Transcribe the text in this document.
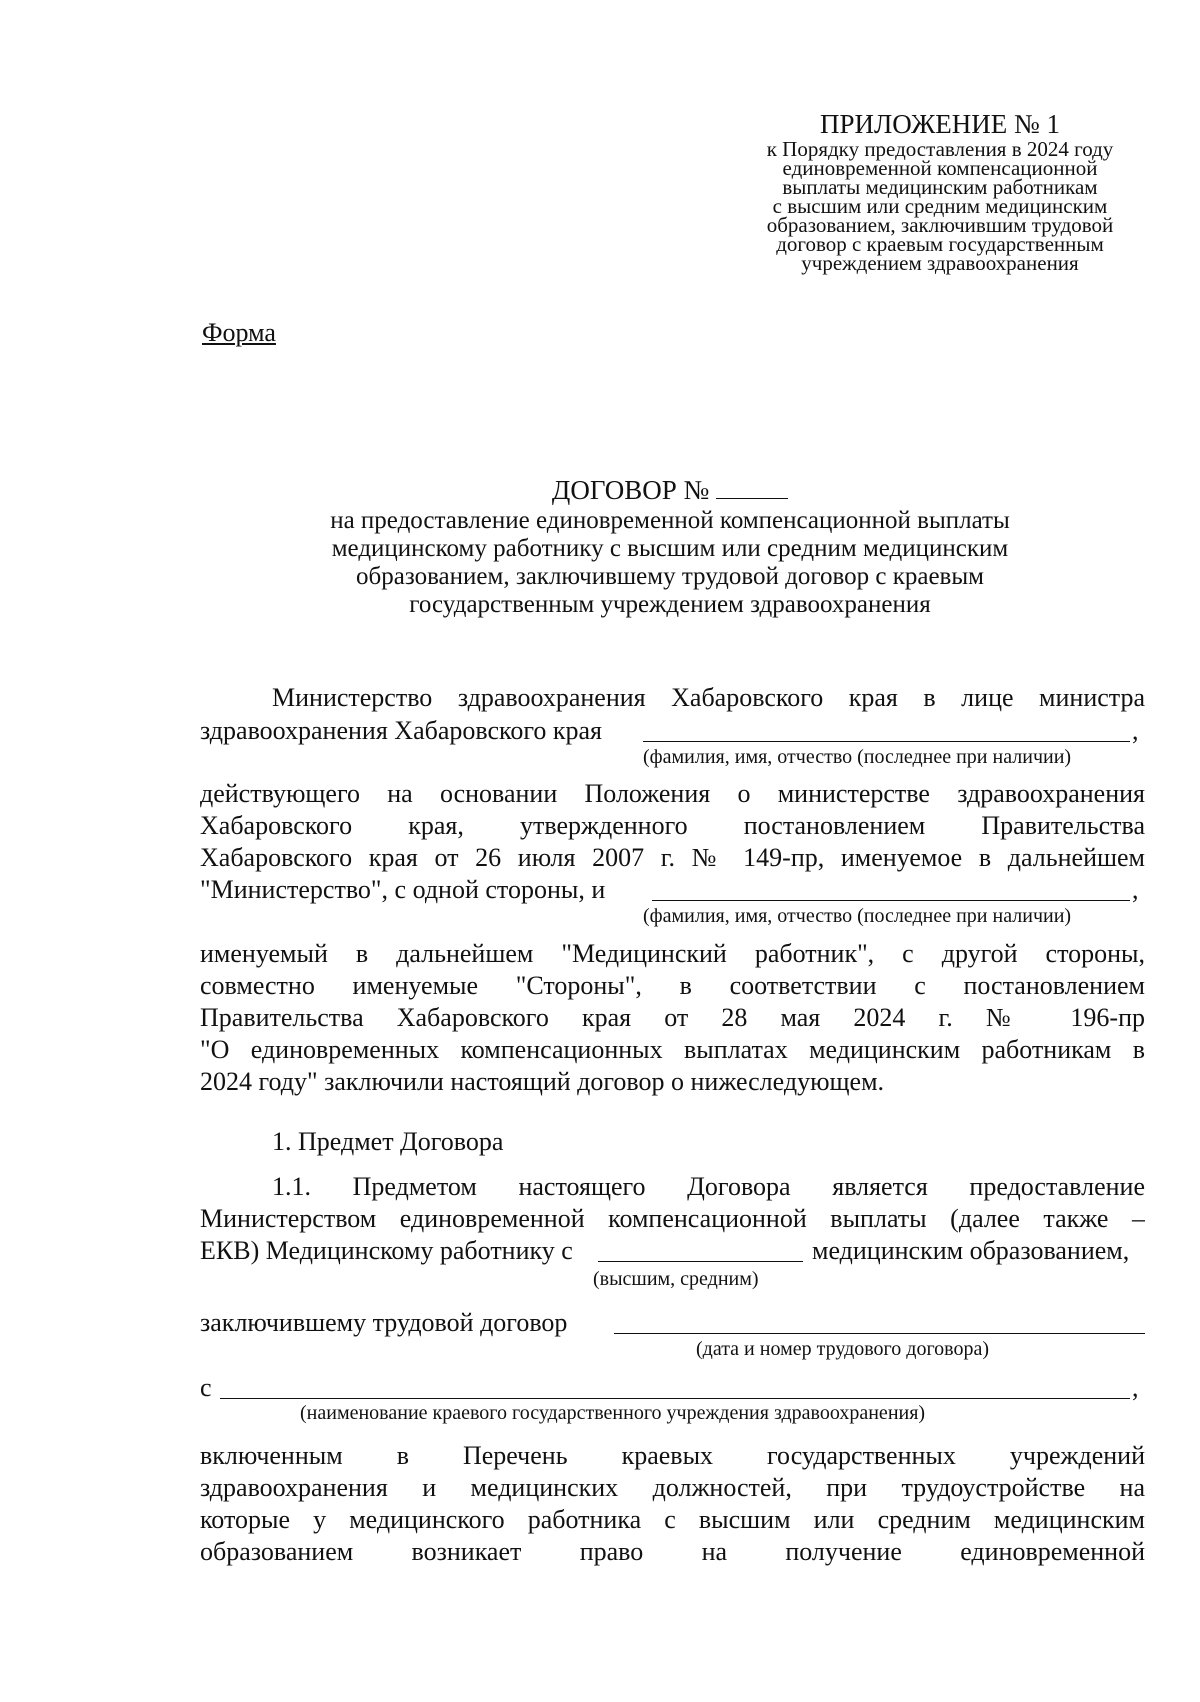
ПРИЛОЖЕНИЕ № 1
к Порядку предоставления в 2024 году
единовременной компенсационной
выплаты медицинским работникам
с высшим или средним медицинским
образованием, заключившим трудовой
договор с краевым государственным
учреждением здравоохранения
Форма
ДОГОВОР №
на предоставление единовременной компенсационной выплаты
медицинскому работнику с высшим или средним медицинским
образованием, заключившему трудовой договор с краевым
государственным учреждением здравоохранения
Министерство здравоохранения Хабаровского края в лице министра
здравоохранения Хабаровского края	,
(фамилия, имя, отчество (последнее при наличии)
действующего на основании Положения о министерстве здравоохранения
Хабаровского края, утвержденного постановлением Правительства
Хабаровского края от 26 июля 2007 г. № 149-пр, именуемое в дальнейшем
"Министерство", с одной стороны, и	,
(фамилия, имя, отчество (последнее при наличии)
именуемый в дальнейшем "Медицинский работник", с другой стороны,
совместно именуемые "Стороны", в соответствии с постановлением
Правительства Хабаровского края от 28 мая 2024 г. № 196-пр
"О единовременных компенсационных выплатах медицинским работникам в
2024 году" заключили настоящий договор о нижеследующем.
1. Предмет Договора
1.1. Предметом настоящего Договора является предоставление
Министерством единовременной компенсационной выплаты (далее также –
ЕКВ) Медицинскому работнику с	медицинским образованием,
(высшим, средним)
заключившему трудовой договор
(дата и номер трудового договора)
с	,
(наименование краевого государственного учреждения здравоохранения)
включенным в Перечень краевых государственных учреждений
здравоохранения и медицинских должностей, при трудоустройстве на
которые у медицинского работника с высшим или средним медицинским
образованием возникает право на получение единовременной
